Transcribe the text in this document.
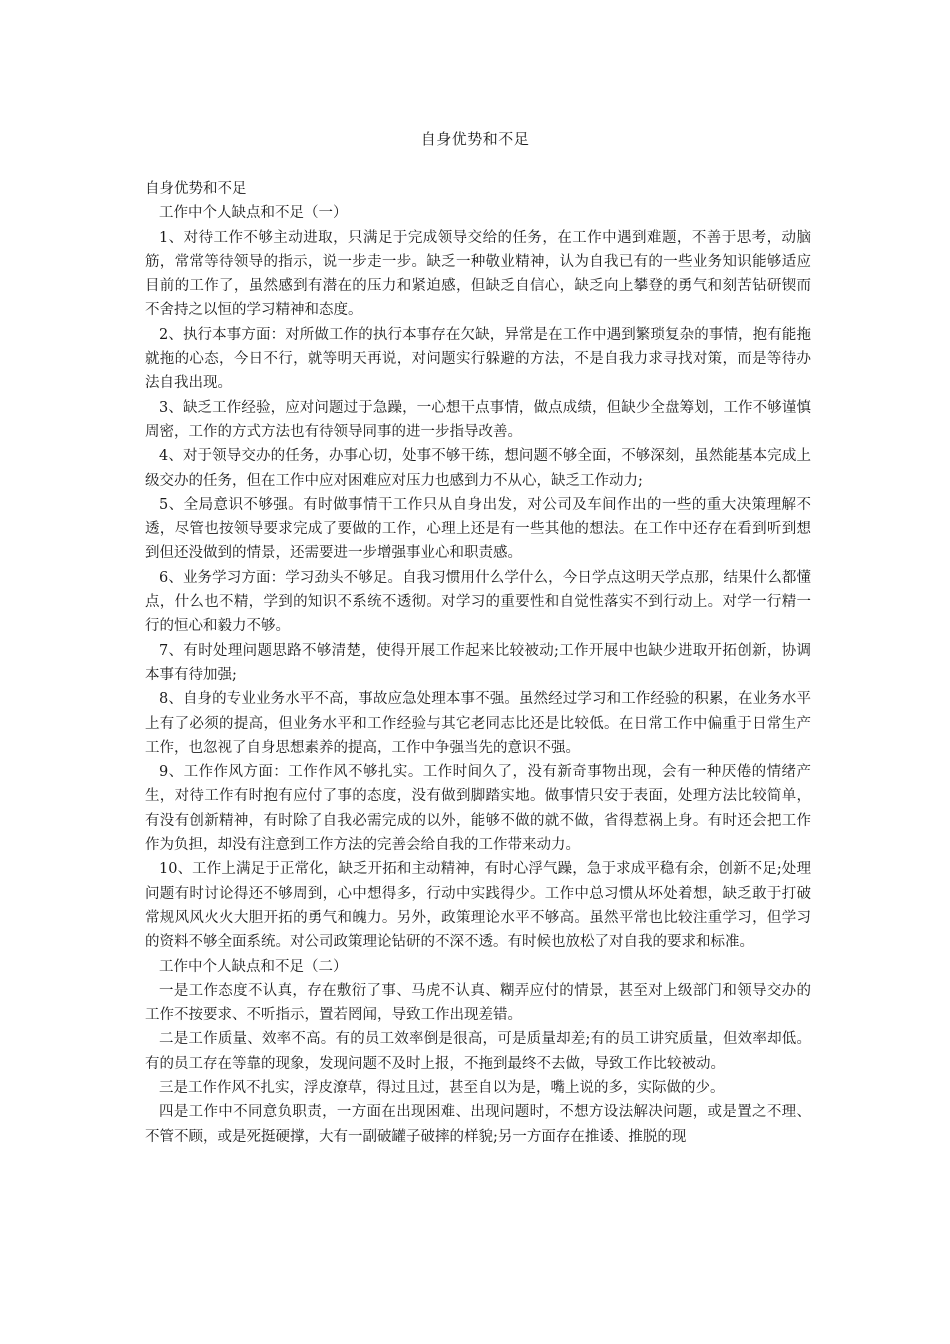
自身优势和不足

自身优势和不足

工作中个人缺点和不足（一）

1、对待工作不够主动进取，只满足于完成领导交给的任务，在工作中遇到难题，不善于思考，动脑筋，常常等待领导的指示，说一步走一步。缺乏一种敬业精神，认为自我已有的一些业务知识能够适应目前的工作了，虽然感到有潜在的压力和紧迫感，但缺乏自信心，缺乏向上攀登的勇气和刻苦钻研锲而不舍持之以恒的学习精神和态度。

2、执行本事方面：对所做工作的执行本事存在欠缺，异常是在工作中遇到繁琐复杂的事情，抱有能拖就拖的心态，今日不行，就等明天再说，对问题实行躲避的方法，不是自我力求寻找对策，而是等待办法自我出现。

3、缺乏工作经验，应对问题过于急躁，一心想干点事情，做点成绩，但缺少全盘筹划，工作不够谨慎周密，工作的方式方法也有待领导同事的进一步指导改善。

4、对于领导交办的任务，办事心切，处事不够干练，想问题不够全面，不够深刻，虽然能基本完成上级交办的任务，但在工作中应对困难应对压力也感到力不从心，缺乏工作动力;

5、全局意识不够强。有时做事情干工作只从自身出发，对公司及车间作出的一些的重大决策理解不透，尽管也按领导要求完成了要做的工作，心理上还是有一些其他的想法。在工作中还存在看到听到想到但还没做到的情景，还需要进一步增强事业心和职责感。

6、业务学习方面：学习劲头不够足。自我习惯用什么学什么，今日学点这明天学点那，结果什么都懂点，什么也不精，学到的知识不系统不透彻。对学习的重要性和自觉性落实不到行动上。对学一行精一行的恒心和毅力不够。

7、有时处理问题思路不够清楚，使得开展工作起来比较被动;工作开展中也缺少进取开拓创新，协调本事有待加强;

8、自身的专业业务水平不高，事故应急处理本事不强。虽然经过学习和工作经验的积累，在业务水平上有了必须的提高，但业务水平和工作经验与其它老同志比还是比较低。在日常工作中偏重于日常生产工作，也忽视了自身思想素养的提高，工作中争强当先的意识不强。

9、工作作风方面：工作作风不够扎实。工作时间久了，没有新奇事物出现，会有一种厌倦的情绪产生，对待工作有时抱有应付了事的态度，没有做到脚踏实地。做事情只安于表面，处理方法比较简单，有没有创新精神，有时除了自我必需完成的以外，能够不做的就不做，省得惹祸上身。有时还会把工作作为负担，却没有注意到工作方法的完善会给自我的工作带来动力。

10、工作上满足于正常化，缺乏开拓和主动精神，有时心浮气躁，急于求成平稳有余，创新不足;处理问题有时讨论得还不够周到，心中想得多，行动中实践得少。工作中总习惯从坏处着想，缺乏敢于打破常规风风火火大胆开拓的勇气和魄力。另外，政策理论水平不够高。虽然平常也比较注重学习，但学习的资料不够全面系统。对公司政策理论钻研的不深不透。有时候也放松了对自我的要求和标准。

工作中个人缺点和不足（二）

一是工作态度不认真，存在敷衍了事、马虎不认真、糊弄应付的情景，甚至对上级部门和领导交办的工作不按要求、不听指示，置若罔闻，导致工作出现差错。

二是工作质量、效率不高。有的员工效率倒是很高，可是质量却差;有的员工讲究质量，但效率却低。有的员工存在等靠的现象，发现问题不及时上报，不拖到最终不去做，导致工作比较被动。

三是工作作风不扎实，浮皮潦草，得过且过，甚至自以为是，嘴上说的多，实际做的少。

四是工作中不同意负职责，一方面在出现困难、出现问题时，不想方设法解决问题，或是置之不理、不管不顾，或是死挺硬撑，大有一副破罐子破摔的样貌;另一方面存在推诿、推脱的现
